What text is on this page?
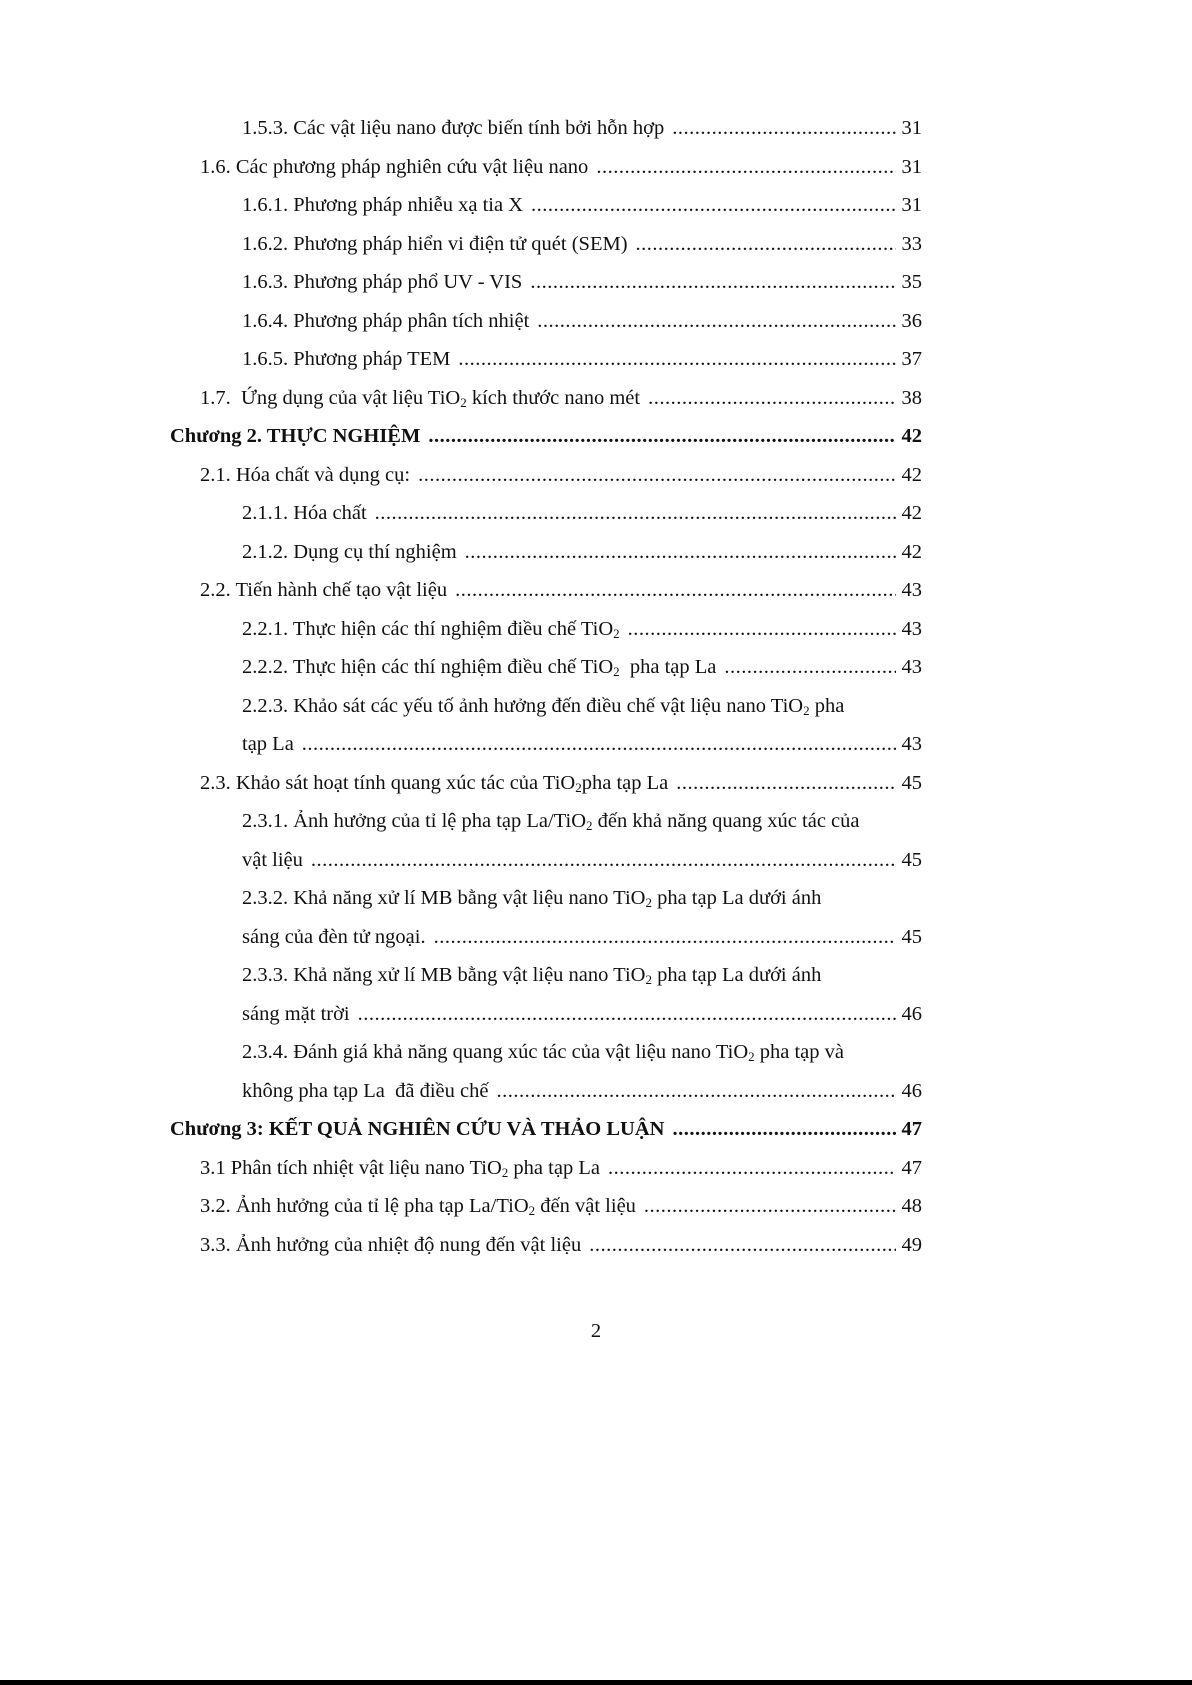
1.5.3. Các vật liệu nano được biến tính bởi hỗn hợp .....	31
1.6. Các phương pháp nghiên cứu vật liệu nano .....	31
1.6.1. Phương pháp nhiễu xạ tia X .....	31
1.6.2. Phương pháp hiển vi điện tử quét (SEM) .....	33
1.6.3. Phương pháp phổ UV - VIS .....	35
1.6.4. Phương pháp phân tích nhiệt .....	36
1.6.5. Phương pháp TEM .....	37
1.7.  Ứng dụng của vật liệu TiO$_2$ kích thước nano mét .....	38
Chương 2. THỰC NGHIỆM .....	42
2.1. Hóa chất và dụng cụ: .....	42
2.1.1. Hóa chất .....	42
2.1.2. Dụng cụ thí nghiệm .....	42
2.2. Tiến hành chế tạo vật liệu .....	43
2.2.1. Thực hiện các thí nghiệm điều chế TiO$_2$ .....	43
2.2.2. Thực hiện các thí nghiệm điều chế TiO$_2$  pha tạp La .....	43
2.2.3. Khảo sát các yếu tố ảnh hưởng đến điều chế vật liệu nano TiO$_2$ pha
tạp La .....	43
2.3. Khảo sát hoạt tính quang xúc tác của TiO$_2$pha tạp La .....	45
2.3.1. Ảnh hưởng của tỉ lệ pha tạp La/TiO$_2$ đến khả năng quang xúc tác của
vật liệu .....	45
2.3.2. Khả năng xử lí MB bằng vật liệu nano TiO$_2$ pha tạp La dưới ánh
sáng của đèn tử ngoại. .....	45
2.3.3. Khả năng xử lí MB bằng vật liệu nano TiO$_2$ pha tạp La dưới ánh
sáng mặt trời .....	46
2.3.4. Đánh giá khả năng quang xúc tác của vật liệu nano TiO$_2$ pha tạp và
không pha tạp La  đã điều chế .....	46
Chương 3: KẾT QUẢ NGHIÊN CỨU VÀ THẢO LUẬN .....	47
3.1 Phân tích nhiệt vật liệu nano TiO$_2$ pha tạp La .....	47
3.2. Ảnh hưởng của tỉ lệ pha tạp La/TiO$_2$ đến vật liệu .....	48
3.3. Ảnh hưởng của nhiệt độ nung đến vật liệu .....	49
2
